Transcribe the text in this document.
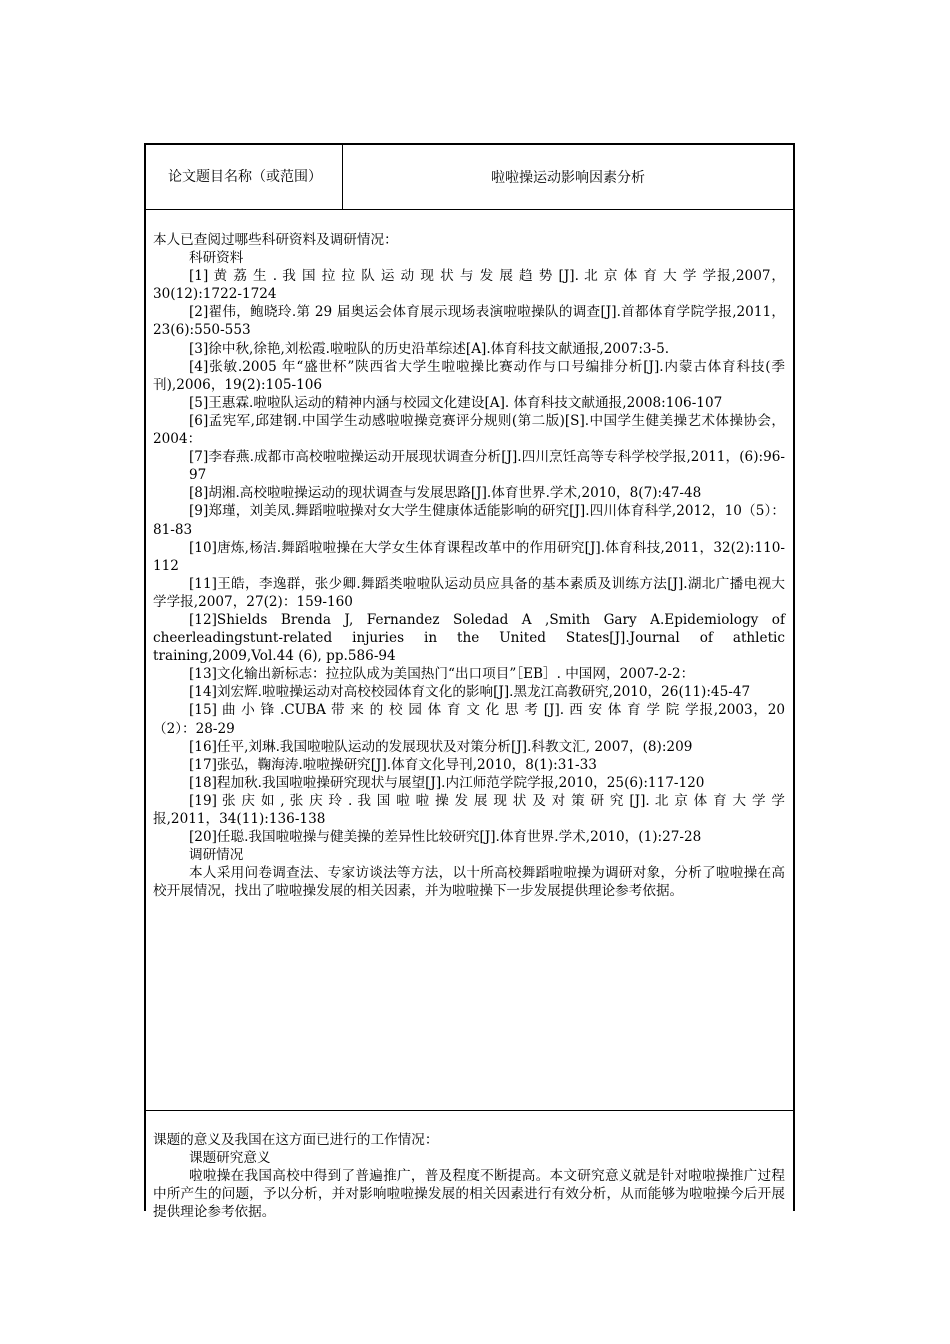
论文题目名称（或范围）	啦啦操运动影响因素分析

本人已查阅过哪些科研资料及调研情况：

科研资料

[1] 黄 荔 生 . 我 国 拉 拉 队 运 动 现 状 与 发 展 趋 势 [J]. 北 京 体 育 大 学 学报,2007，30(12):1722-1724

[2]翟伟，鲍晓玲.第 29 届奥运会体育展示现场表演啦啦操队的调查[J].首都体育学院学报,2011，23(6):550-553

[3]徐中秋,徐艳,刘松霞.啦啦队的历史沿革综述[A].体育科技文献通报,2007:3-5.

[4]张敏.2005 年“盛世杯”陕西省大学生啦啦操比赛动作与口号编排分析[J].内蒙古体育科技(季刊),2006，19(2):105-106

[5]王惠霖.啦啦队运动的精神内涵与校园文化建设[A]. 体育科技文献通报,2008:106-107

[6]孟宪军,邱建钢.中国学生动感啦啦操竞赛评分规则(第二版)[S].中国学生健美操艺术体操协会，2004：

[7]李春燕.成都市高校啦啦操运动开展现状调查分析[J].四川烹饪高等专科学校学报,2011，(6):96-97

[8]胡湘.高校啦啦操运动的现状调查与发展思路[J].体育世界.学术,2010，8(7):47-48

[9]郑瑾，刘美凤.舞蹈啦啦操对女大学生健康体适能影响的研究[J].四川体育科学,2012，10（5）：81-83

[10]唐炼,杨洁.舞蹈啦啦操在大学女生体育课程改革中的作用研究[J].体育科技,2011，32(2):110-112

[11]王皓，李逸群，张少卿.舞蹈类啦啦队运动员应具备的基本素质及训练方法[J].湖北广播电视大学学报,2007，27(2)：159-160

[12]Shields Brenda J, Fernandez Soledad A ,Smith Gary A.Epidemiology of cheerleadingstunt-related injuries in the United States[J].Journal of athletic training,2009,Vol.44 (6), pp.586-94

[13]文化输出新标志：拉拉队成为美国热门“出口项目”［EB］. 中国网，2007-2-2：

[14]刘宏辉.啦啦操运动对高校校园体育文化的影响[J].黑龙江高教研究,2010，26(11):45-47

[15] 曲 小 锋 .CUBA 带 来 的 校 园 体 育 文 化 思 考 [J]. 西 安 体 育 学 院 学报,2003，20（2）：28-29

[16]任平,刘琳.我国啦啦队运动的发展现状及对策分析[J].科教文汇, 2007，(8):209

[17]张弘，鞠海涛.啦啦操研究[J].体育文化导刊,2010，8(1):31-33

[18]程加秋.我国啦啦操研究现状与展望[J].内江师范学院学报,2010，25(6):117-120

[19] 张 庆 如 , 张 庆 玲 . 我 国 啦 啦 操 发 展 现 状 及 对 策 研 究 [J]. 北 京 体 育 大 学 学报,2011，34(11):136-138

[20]任聪.我国啦啦操与健美操的差异性比较研究[J].体育世界.学术,2010，(1):27-28

调研情况

本人采用问卷调查法、专家访谈法等方法，以十所高校舞蹈啦啦操为调研对象，分析了啦啦操在高校开展情况，找出了啦啦操发展的相关因素，并为啦啦操下一步发展提供理论参考依据。

课题的意义及我国在这方面已进行的工作情况：

课题研究意义

啦啦操在我国高校中得到了普遍推广，普及程度不断提高。本文研究意义就是针对啦啦操推广过程中所产生的问题，予以分析，并对影响啦啦操发展的相关因素进行有效分析，从而能够为啦啦操今后开展提供理论参考依据。
